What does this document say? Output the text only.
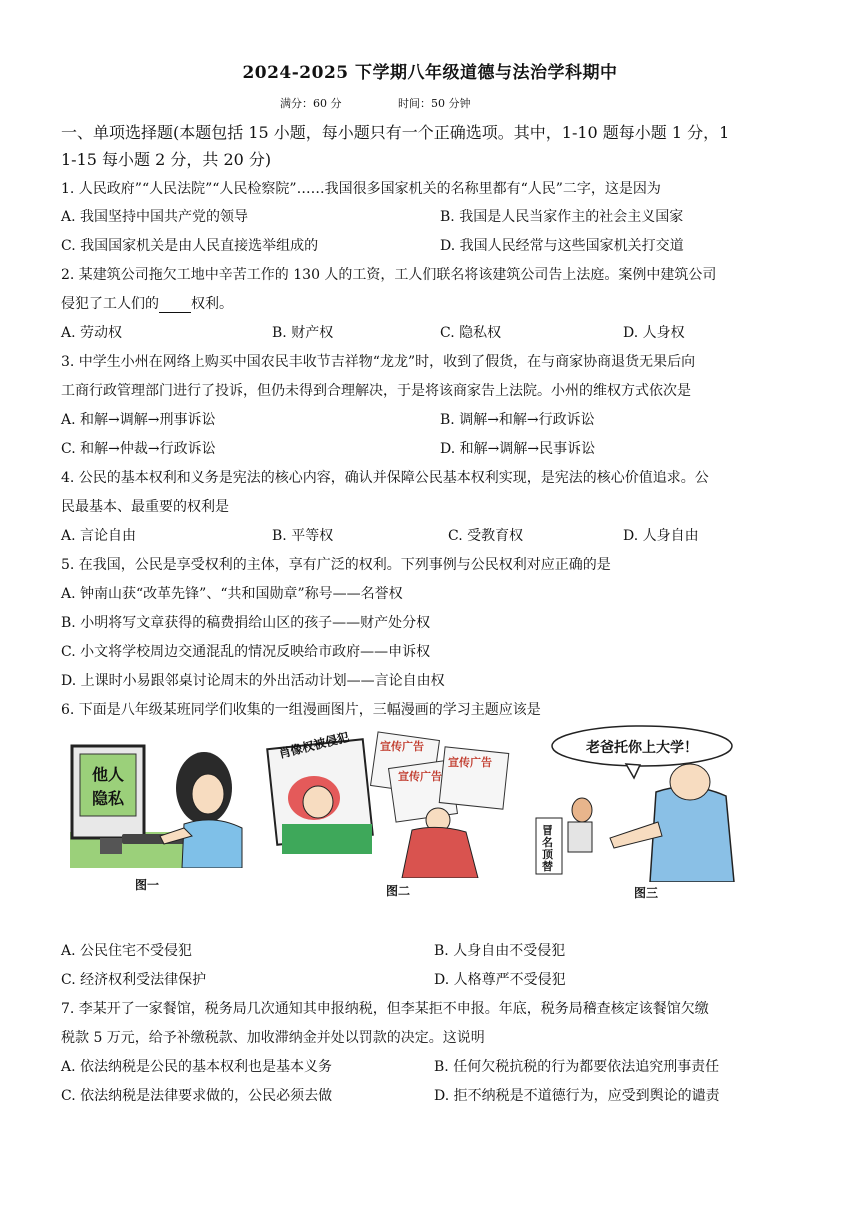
2024-2025 下学期八年级道德与法治学科期中
满分：60 分	时间：50 分钟
一、单项选择题(本题包括 15 小题，每小题只有一个正确选项。其中，1-10 题每小题 1 分，1
1-15 每小题 2 分，共 20 分)
1. 人民政府”“人民法院”“人民检察院”……我国很多国家机关的名称里都有“人民”二字，这是因为
A. 我国坚持中国共产党的领导	B. 我国是人民当家作主的社会主义国家
C. 我国国家机关是由人民直接选举组成的	D. 我国人民经常与这些国家机关打交道
2. 某建筑公司拖欠工地中辛苦工作的 130 人的工资，工人们联名将该建筑公司告上法庭。案例中建筑公司
侵犯了工人们的 权利。
A. 劳动权	B. 财产权	C. 隐私权	D. 人身权
3. 中学生小州在网络上购买中国农民丰收节吉祥物“龙龙”时，收到了假货，在与商家协商退货无果后向
工商行政管理部门进行了投诉，但仍未得到合理解决，于是将该商家告上法院。小州的维权方式依次是
A. 和解→调解→刑事诉讼	B. 调解→和解→行政诉讼
C. 和解→仲裁→行政诉讼	D. 和解→调解→民事诉讼
4. 公民的基本权利和义务是宪法的核心内容，确认并保障公民基本权利实现，是宪法的核心价值追求。公
民最基本、最重要的权利是
A. 言论自由	B. 平等权	C. 受教育权	D. 人身自由
5. 在我国，公民是享受权利的主体，享有广泛的权利。下列事例与公民权利对应正确的是
A. 钟南山获“改革先锋”、“共和国勋章”称号——名誉权
B. 小明将写文章获得的稿费捐给山区的孩子——财产处分权
C. 小文将学校周边交通混乱的情况反映给市政府——申诉权
D. 上课时小易跟邻桌讨论周末的外出活动计划——言论自由权
6. 下面是八年级某班同学们收集的一组漫画图片，三幅漫画的学习主题应该是
他人
隐私
图一
肖像权被侵犯	宣传广告
宣传广告
宣传广告
图二
老爸托你上大学！
冒 名 顶 替
图三
A. 公民住宅不受侵犯	B. 人身自由不受侵犯
C. 经济权利受法律保护	D. 人格尊严不受侵犯
7. 李某开了一家餐馆，税务局几次通知其申报纳税，但李某拒不申报。年底，税务局稽查核定该餐馆欠缴
税款 5 万元，给予补缴税款、加收滞纳金并处以罚款的决定。这说明
A. 依法纳税是公民的基本权利也是基本义务	B. 任何欠税抗税的行为都要依法追究刑事责任
C. 依法纳税是法律要求做的，公民必须去做	D. 拒不纳税是不道德行为，应受到舆论的谴责
